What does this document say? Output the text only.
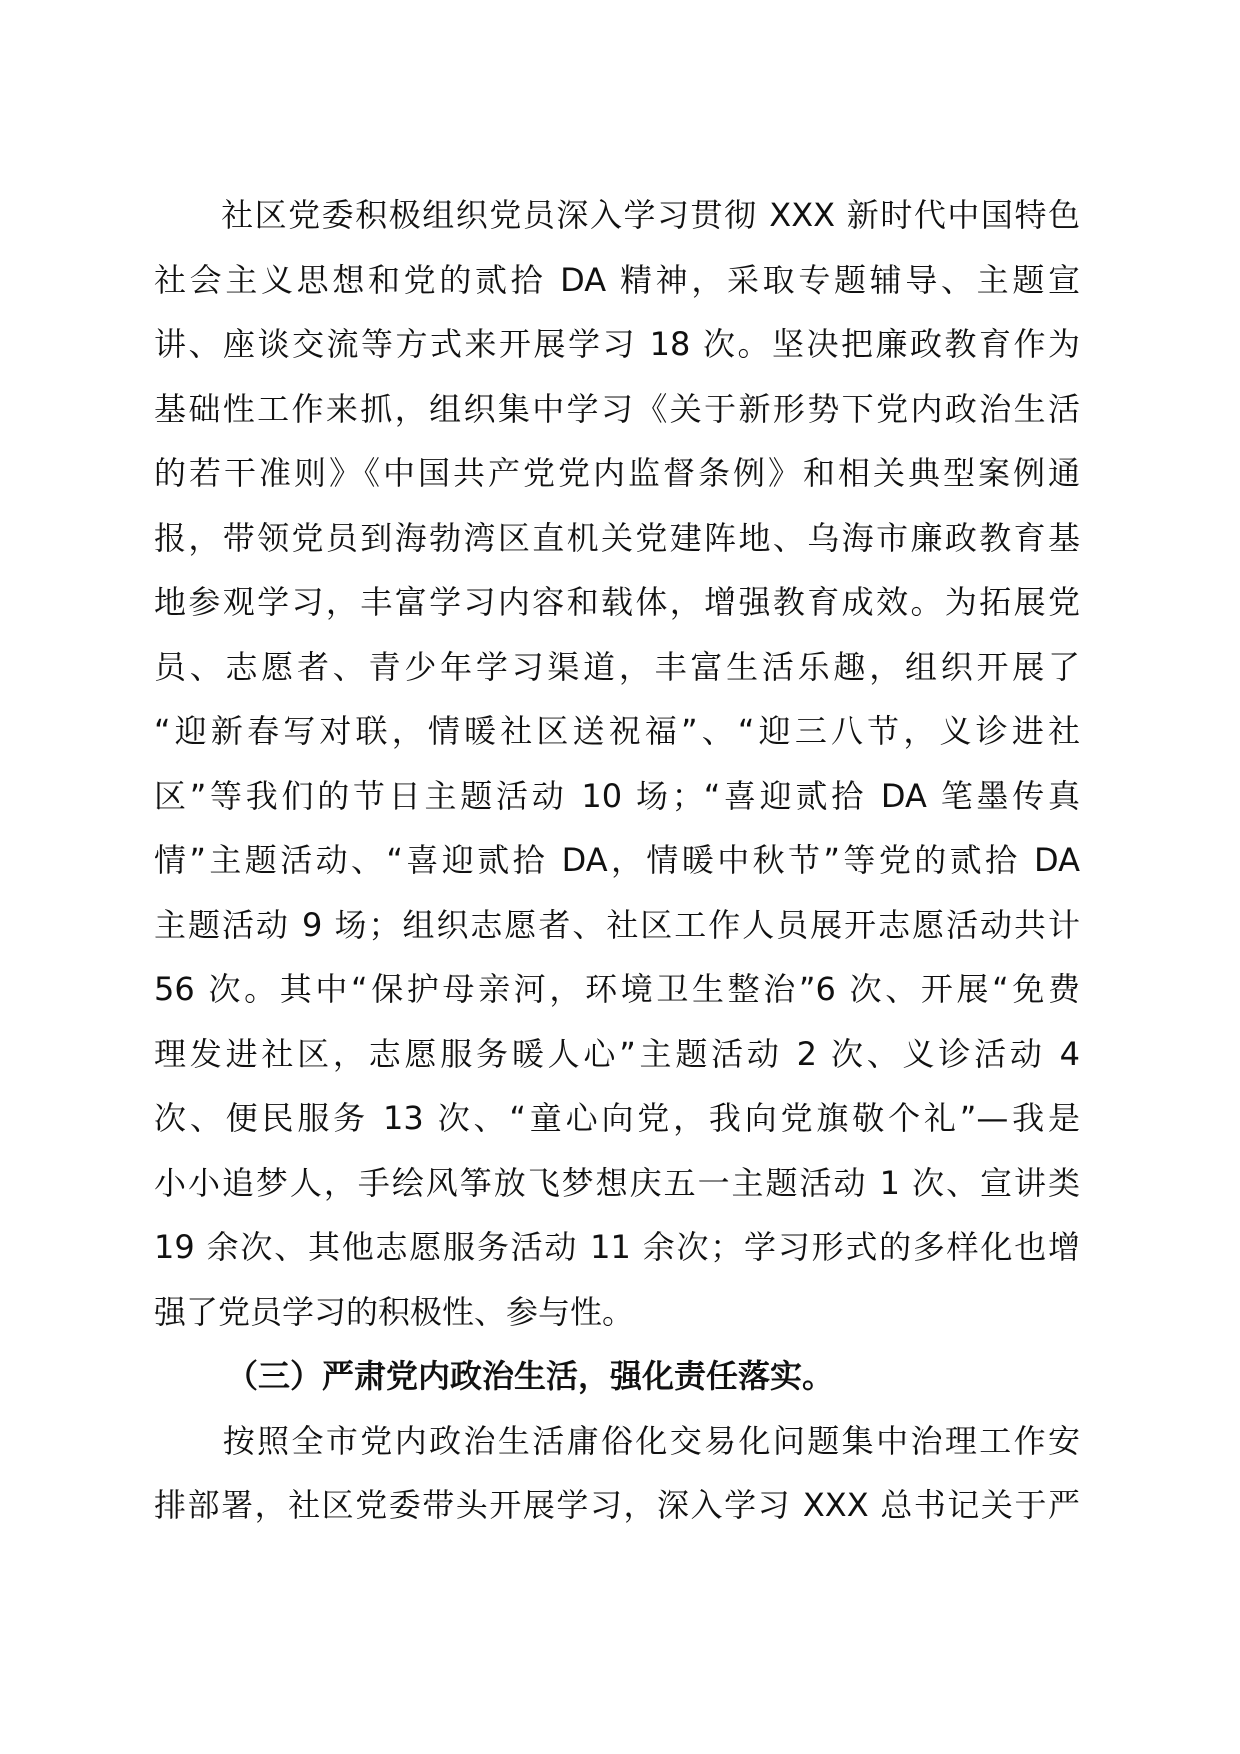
　　社区党委积极组织党员深入学习贯彻 XXX 新时代中国特色
社会主义思想和党的贰拾 DA 精神，采取专题辅导、主题宣
讲、座谈交流等方式来开展学习 18 次。坚决把廉政教育作为
基础性工作来抓，组织集中学习《关于新形势下党内政治生活
的若干准则》《中国共产党党内监督条例》和相关典型案例通
报，带领党员到海勃湾区直机关党建阵地、乌海市廉政教育基
地参观学习，丰富学习内容和载体，增强教育成效。为拓展党
员、志愿者、青少年学习渠道，丰富生活乐趣，组织开展了
“迎新春写对联，情暖社区送祝福”、“迎三八节，义诊进社
区”等我们的节日主题活动 10 场；“喜迎贰拾 DA 笔墨传真
情”主题活动、“喜迎贰拾 DA，情暖中秋节”等党的贰拾 DA
主题活动 9 场；组织志愿者、社区工作人员展开志愿活动共计
56 次。其中“保护母亲河，环境卫生整治”6 次、开展“免费
理发进社区，志愿服务暖人心”主题活动 2 次、义诊活动 4
次、便民服务 13 次、“童心向党，我向党旗敬个礼”—我是
小小追梦人，手绘风筝放飞梦想庆五一主题活动 1 次、宣讲类
19 余次、其他志愿服务活动 11 余次；学习形式的多样化也增
强了党员学习的积极性、参与性。
（三）严肃党内政治生活，强化责任落实。
　　按照全市党内政治生活庸俗化交易化问题集中治理工作安
排部署，社区党委带头开展学习，深入学习 XXX 总书记关于严
